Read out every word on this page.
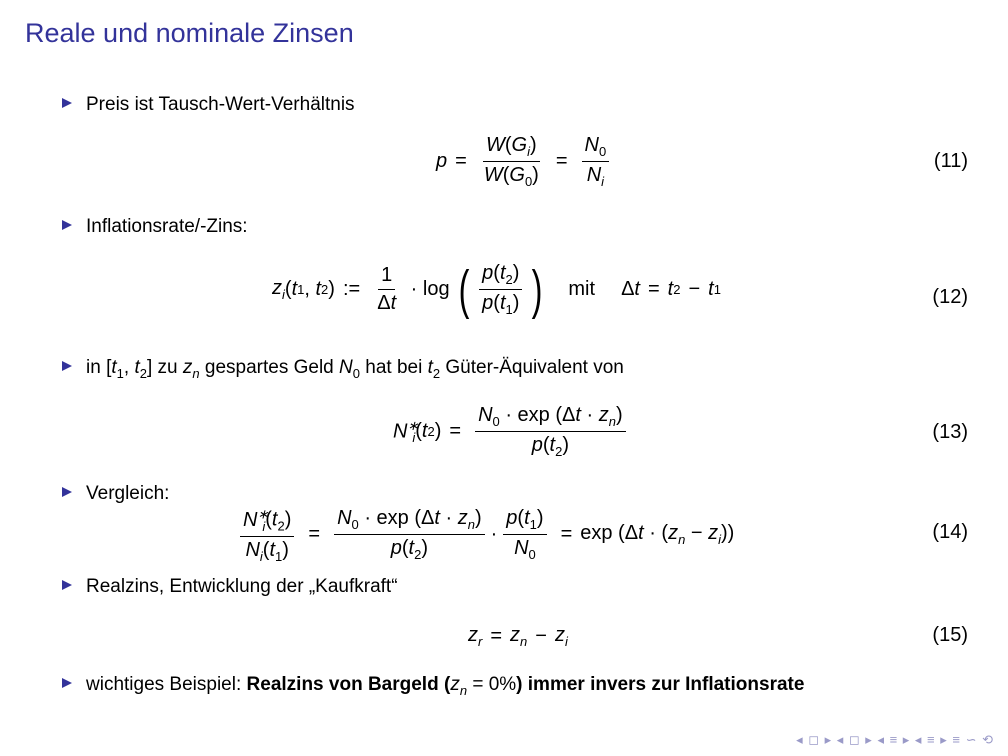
Reale und nominale Zinsen
Preis ist Tausch-Wert-Verhältnis
$p = \frac{W(G_i)}{W(G_0)} = \frac{N_0}{N_i}$	(11)
Inflationsrate/-Zins:
$z_i$ ( t 1 , t 2 ) := $\frac{1}{\Delta t} \cdot \log$ ( $\frac{p(t_2)}{p(t_1)}$ ) mit Δt = t 2 − t 1	(12)
in [$t_1$, $t_2$] zu $z_n$ gespartes Geld $N_0$ hat bei $t_2$ Güter-Äquivalent von
$N^∗_i$ ( t 2 ) = $\frac{N_0 \cdot \exp (\Delta t \cdot z_n)}{p(t_2)}$	(13)
Vergleich:
$\frac{N^∗_i(t_2)}{N_i(t_1)} = \frac{N_0 \cdot \exp (\Delta t \cdot z_n)}{p(t_2)} \cdot \frac{p(t_1)}{N_0} = \exp (\Delta t \cdot (z_n - z_i))$	(14)
Realzins, Entwicklung der „Kaufkraft“
$z_r = z_n - z_i$	(15)
wichtiges Beispiel: Realzins von Bargeld $(z_n = 0\%)$ immer invers zur Inflationsrate
◂ ◻ ▸ ◂ ◻ ▸ ◂ ≡ ▸ ◂ ≡ ▸ ≡ ∽ ⟲
